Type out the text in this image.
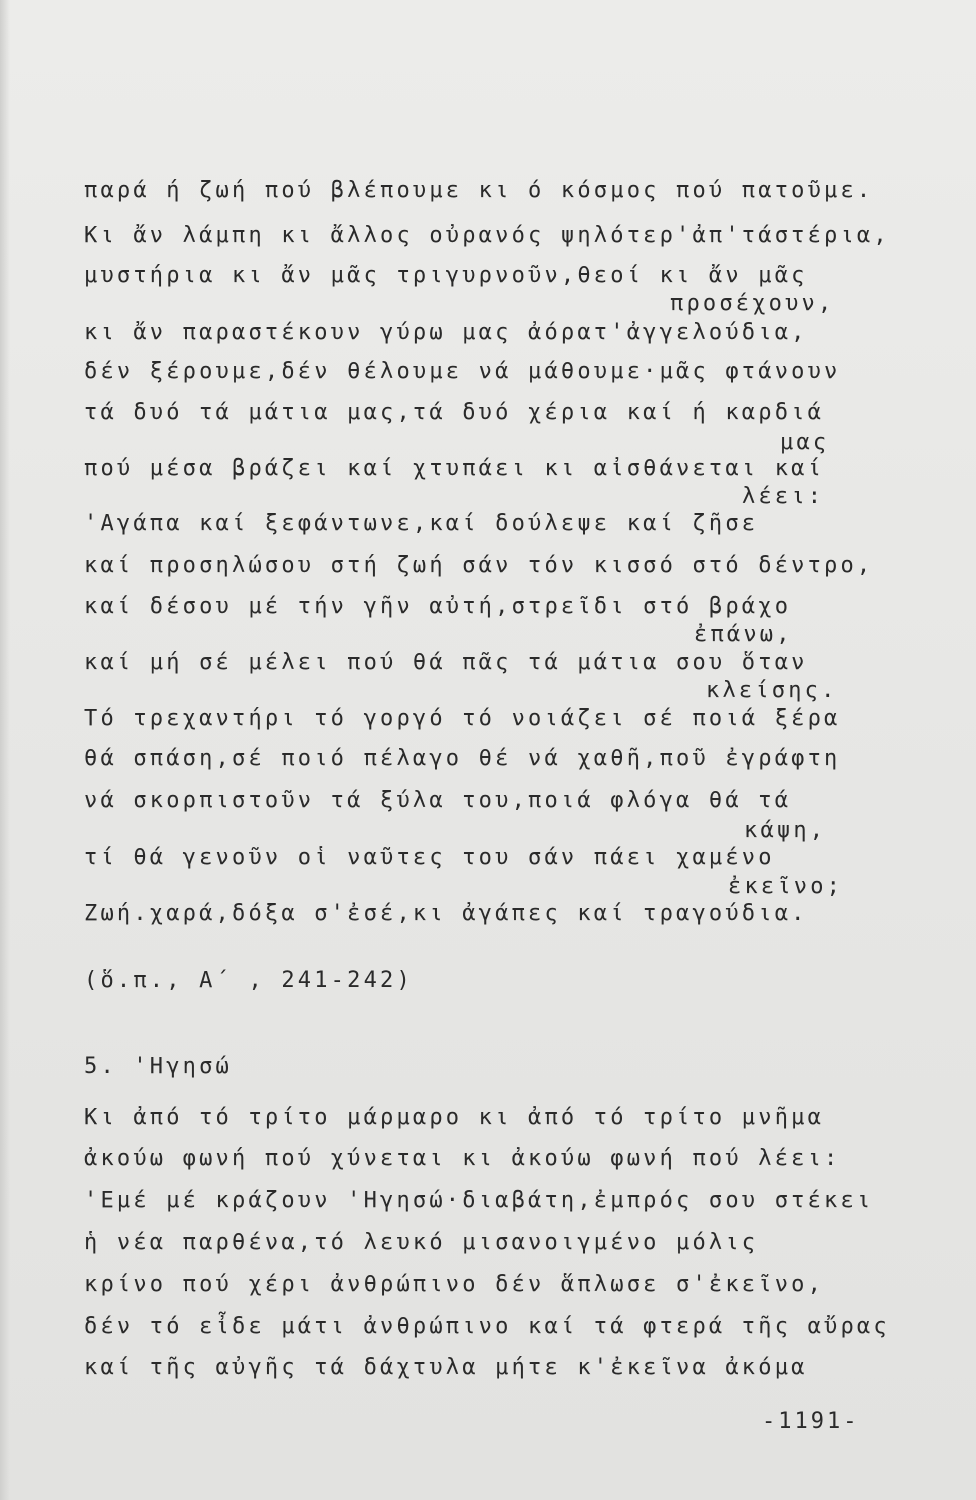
παρά ή ζωή πού βλέπουμε κι ό κόσμος πού πατοῦμε.
Κι ἄν λάμπη κι ἄλλος οὐρανός ψηλότερ'ἀπ'τάστέρια,
μυστήρια κι ἄν μᾶς τριγυρνοῦν,θεοί κι ἄν μᾶς
προσέχουν,
κι ἄν παραστέκουν γύρω μας ἀόρατ'ἀγγελούδια,
δέν ξέρουμε,δέν θέλουμε νά μάθουμε·μᾶς φτάνουν
τά δυό τά μάτια μας,τά δυό χέρια καί ή καρδιά
μας
πού μέσα βράζει καί χτυπάει κι αἰσθάνεται καί
λέει:
'Αγάπα καί ξεφάντωνε,καί δούλεψε καί ζῆσε
καί προσηλώσου στή ζωή σάν τόν κισσό στό δέντρο,
καί δέσου μέ τήν γῆν αὐτή,στρεῖδι στό βράχο
ἐπάνω,
καί μή σέ μέλει πού θά πᾶς τά μάτια σου ὅταν
κλείσης.
Τό τρεχαντήρι τό γοργό τό νοιάζει σέ ποιά ξέρα
θά σπάση,σέ ποιό πέλαγο θέ νά χαθῆ,ποῦ ἐγράφτη
νά σκορπιστοῦν τά ξύλα του,ποιά φλόγα θά τά
κάψη,
τί θά γενοῦν οἱ ναῦτες του σάν πάει χαμένο
ἐκεῖνο;
Ζωή.χαρά,δόξα σ'ἐσέ,κι ἀγάπες καί τραγούδια.
(ὅ.π., Α΄ , 241-242)
5. 'Ηγησώ
Κι ἀπό τό τρίτο μάρμαρο κι ἀπό τό τρίτο μνῆμα
ἀκούω φωνή πού χύνεται κι ἀκούω φωνή πού λέει:
'Εμέ μέ κράζουν 'Ηγησώ·διαβάτη,ἐμπρός σου στέκει
ἡ νέα παρθένα,τό λευκό μισανοιγμένο μόλις
κρίνο πού χέρι ἀνθρώπινο δέν ἅπλωσε σ'ἐκεῖνο,
δέν τό εἶδε μάτι ἀνθρώπινο καί τά φτερά τῆς αὔρας
καί τῆς αὐγῆς τά δάχτυλα μήτε κ'ἐκεῖνα ἀκόμα
-1191-
